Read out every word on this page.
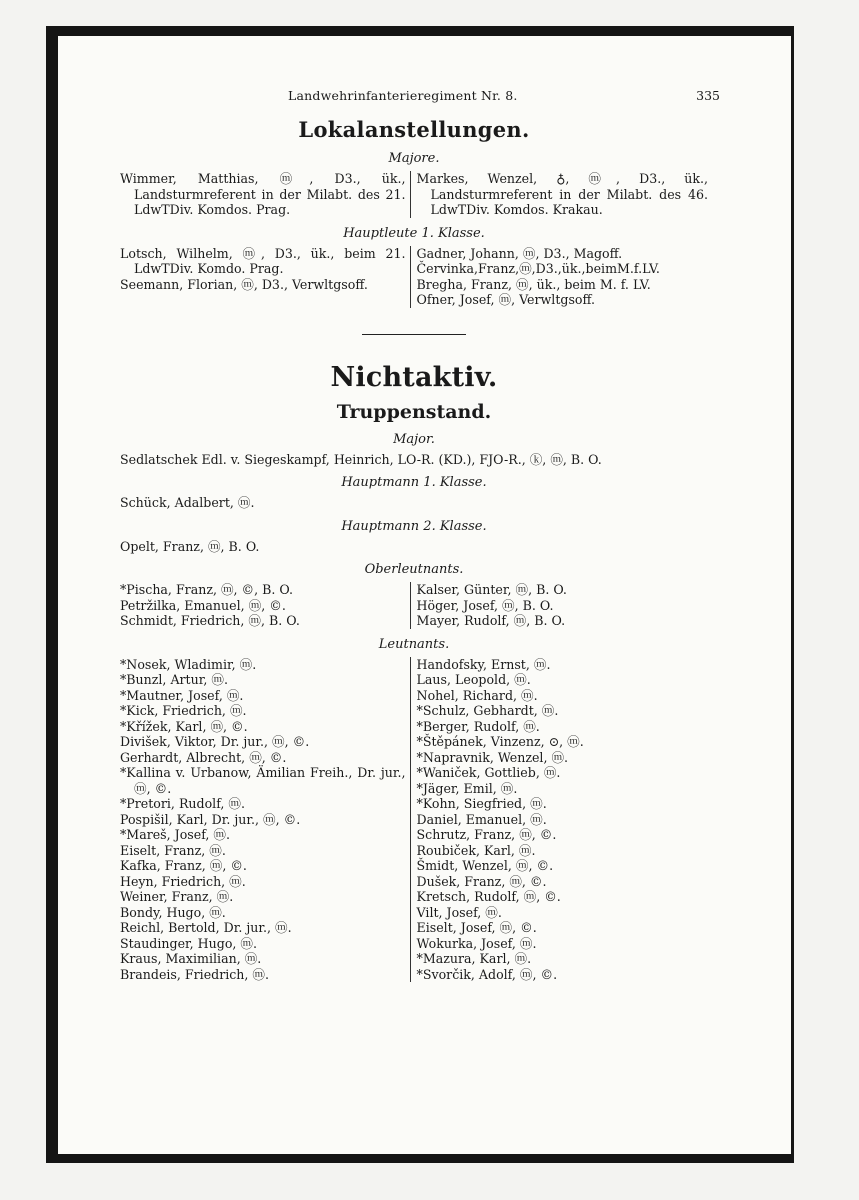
Landwehrinfanterieregiment Nr. 8.	335
Lokalanstellungen.
Majore.
Wimmer, Matthias, ⓜ, D3., ük., Landsturmreferent in der Milabt. des 21. LdwTDiv. Komdos. Prag.
Markes, Wenzel, ♁, ⓜ, D3., ük., Landsturmreferent in der Milabt. des 46. LdwTDiv. Komdos. Krakau.
Hauptleute 1. Klasse.
Lotsch, Wilhelm, ⓜ, D3., ük., beim 21. LdwTDiv. Komdo. Prag.
Seemann, Florian, ⓜ, D3., Verwltgsoff.
Gadner, Johann, ⓜ, D3., Magoff.
Červinka,Franz,ⓜ,D3.,ük.,beimM.f.LV.
Bregha, Franz, ⓜ, ük., beim M. f. LV.
Ofner, Josef, ⓜ, Verwltgsoff.
Nichtaktiv.
Truppenstand.
Major.
Sedlatschek Edl. v. Siegeskampf, Heinrich, LO-R. (KD.), FJO-R., ⓚ, ⓜ, B. O.
Hauptmann 1. Klasse.
Schück, Adalbert, ⓜ.
Hauptmann 2. Klasse.
Opelt, Franz, ⓜ, B. O.
Oberleutnants.
*Pischa, Franz, ⓜ, ©, B. O.
Petržilka, Emanuel, ⓜ, ©.
Schmidt, Friedrich, ⓜ, B. O.
Kalser, Günter, ⓜ, B. O.
Höger, Josef, ⓜ, B. O.
Mayer, Rudolf, ⓜ, B. O.
Leutnants.
*Nosek, Wladimir, ⓜ.
*Bunzl, Artur, ⓜ.
*Mautner, Josef, ⓜ.
*Kick, Friedrich, ⓜ.
*Křížek, Karl, ⓜ, ©.
Divišek, Viktor, Dr. jur., ⓜ, ©.
Gerhardt, Albrecht, ⓜ, ©.
*Kallina v. Urbanow, Ämilian Freih., Dr. jur., ⓜ, ©.
*Pretori, Rudolf, ⓜ.
Pospišil, Karl, Dr. jur., ⓜ, ©.
*Mareš, Josef, ⓜ.
Eiselt, Franz, ⓜ.
Kafka, Franz, ⓜ, ©.
Heyn, Friedrich, ⓜ.
Weiner, Franz, ⓜ.
Bondy, Hugo, ⓜ.
Reichl, Bertold, Dr. jur., ⓜ.
Staudinger, Hugo, ⓜ.
Kraus, Maximilian, ⓜ.
Brandeis, Friedrich, ⓜ.
Handofsky, Ernst, ⓜ.
Laus, Leopold, ⓜ.
Nohel, Richard, ⓜ.
*Schulz, Gebhardt, ⓜ.
*Berger, Rudolf, ⓜ.
*Štěpánek, Vinzenz, ⊙, ⓜ.
*Napravnik, Wenzel, ⓜ.
*Waniček, Gottlieb, ⓜ.
*Jäger, Emil, ⓜ.
*Kohn, Siegfried, ⓜ.
Daniel, Emanuel, ⓜ.
Schrutz, Franz, ⓜ, ©.
Roubiček, Karl, ⓜ.
Šmidt, Wenzel, ⓜ, ©.
Dušek, Franz, ⓜ, ©.
Kretsch, Rudolf, ⓜ, ©.
Vilt, Josef, ⓜ.
Eiselt, Josef, ⓜ, ©.
Wokurka, Josef, ⓜ.
*Mazura, Karl, ⓜ.
*Svorčik, Adolf, ⓜ, ©.
